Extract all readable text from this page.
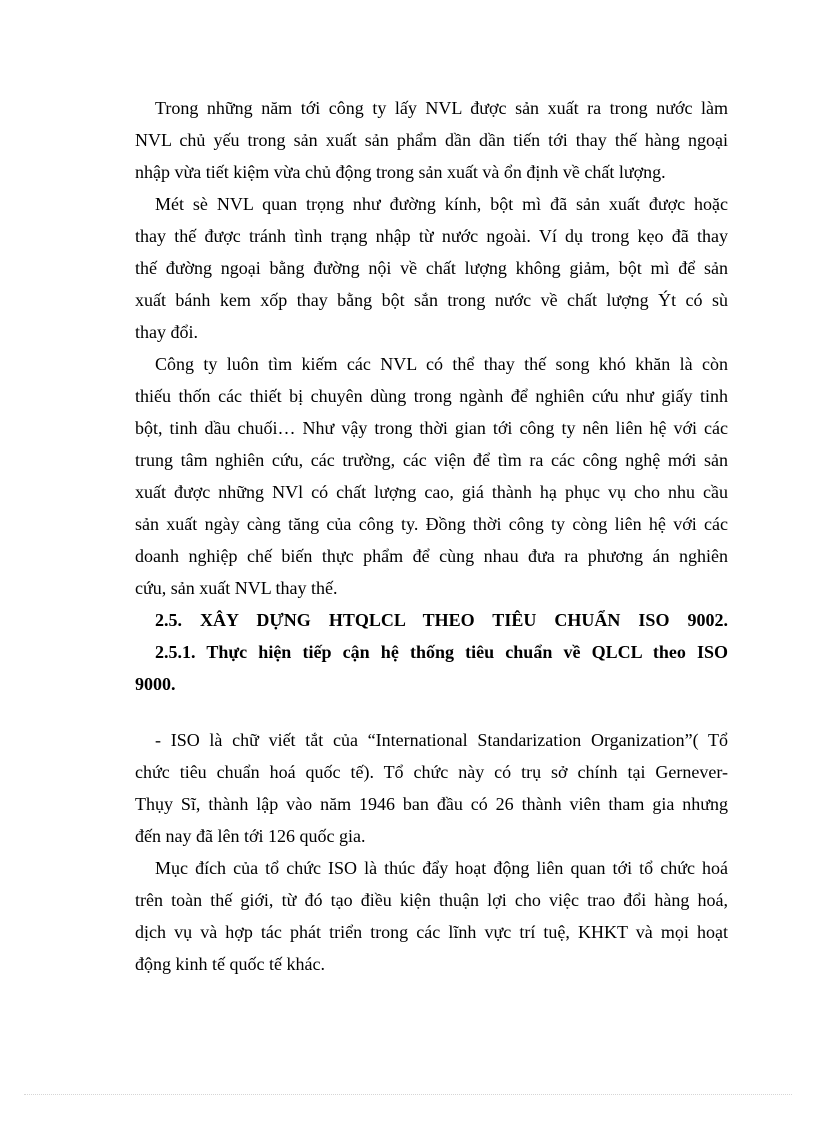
Trong những năm tới công ty lấy NVL được sản xuất ra trong nước làm
NVL chủ yếu trong sản xuất sản phẩm dần dần tiến tới thay thế hàng ngoại
nhập vừa tiết kiệm vừa chủ động trong sản xuất và ổn định về chất lượng.
Mét sè NVL quan trọng như đường kính, bột mì đã sản xuất được hoặc
thay thế được tránh tình trạng nhập từ nước ngoài. Ví dụ trong kẹo đã thay
thế đường ngoại bằng đường nội về chất lượng không giảm, bột mì để sản
xuất bánh kem xốp thay bằng bột sắn trong nước về chất lượng Ýt có sù
thay đổi.
Công ty luôn tìm kiếm các NVL có thể thay thế song khó khăn là còn
thiếu thốn các thiết bị chuyên dùng trong ngành để nghiên cứu như giấy tinh
bột, tinh dầu chuối… Như vậy trong thời gian tới công ty nên liên hệ với các
trung tâm nghiên cứu, các trường, các viện để tìm ra các công nghệ mới sản
xuất được những NVl có chất lượng cao, giá thành hạ phục vụ cho nhu cầu
sản xuất ngày càng tăng của công ty. Đồng thời công ty còng liên hệ với các
doanh nghiệp chế biến thực phẩm để cùng nhau đưa ra phương án nghiên
cứu, sản xuất NVL thay thế.
2.5. XÂY DỰNG HTQLCL THEO TIÊU CHUẨN ISO 9002.
2.5.1. Thực hiện tiếp cận hệ thống tiêu chuẩn về QLCL theo ISO
9000.
- ISO là chữ viết tắt của “International Standarization Organization”( Tổ
chức tiêu chuẩn hoá quốc tế). Tổ chức này có trụ sở chính tại Gernever-
Thụy Sĩ, thành lập vào năm 1946 ban đầu có 26 thành viên tham gia nhưng
đến nay đã lên tới 126 quốc gia.
Mục đích của tổ chức ISO là thúc đẩy hoạt động liên quan tới tổ chức hoá
trên toàn thế giới, từ đó tạo điều kiện thuận lợi cho việc trao đổi hàng hoá,
dịch vụ và hợp tác phát triển trong các lĩnh vực trí tuệ, KHKT và mọi hoạt
động kinh tế quốc tế khác.
